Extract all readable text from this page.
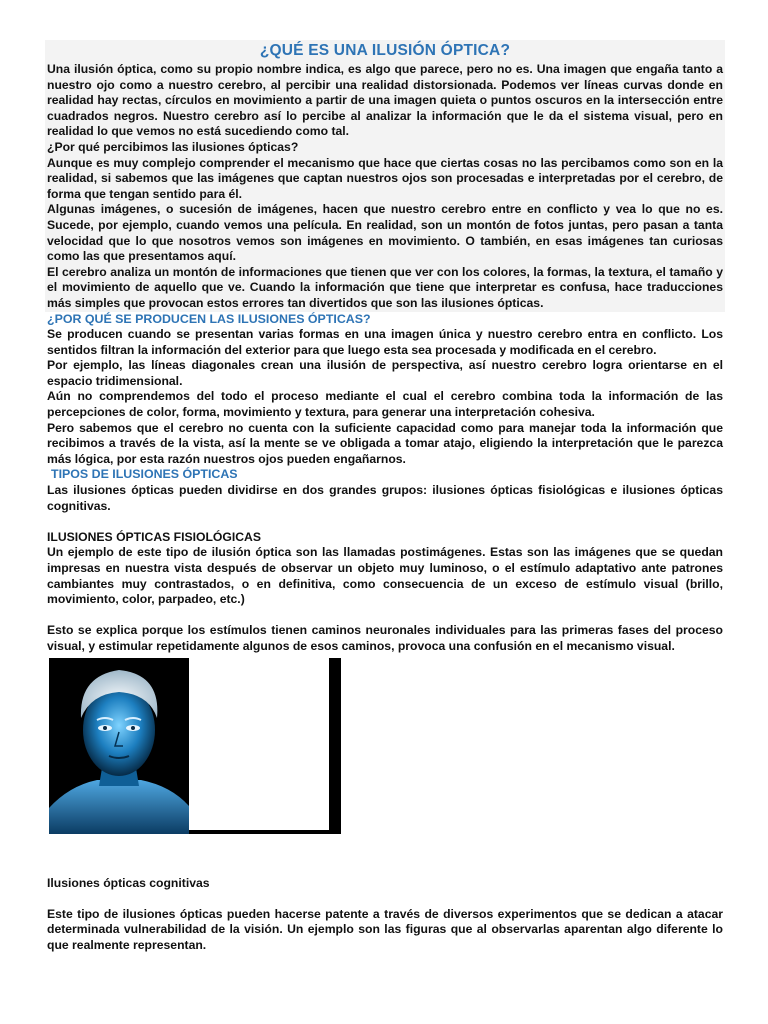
¿QUÉ ES UNA ILUSIÓN ÓPTICA?

Una ilusión óptica, como su propio nombre indica, es algo que parece, pero no es. Una imagen que engaña tanto a nuestro ojo como a nuestro cerebro, al percibir una realidad distorsionada. Podemos ver líneas curvas donde en realidad hay rectas, círculos en movimiento a partir de una imagen quieta o puntos oscuros en la intersección entre cuadrados negros. Nuestro cerebro así lo percibe al analizar la información que le da el sistema visual, pero en realidad lo que vemos no está sucediendo como tal.

¿Por qué percibimos las ilusiones ópticas?

Aunque es muy complejo comprender el mecanismo que hace que ciertas cosas no las percibamos como son en la realidad, si sabemos que las imágenes que captan nuestros ojos son procesadas e interpretadas por el cerebro, de forma que tengan sentido para él.

Algunas imágenes, o sucesión de imágenes, hacen que nuestro cerebro entre en conflicto y vea lo que no es. Sucede, por ejemplo, cuando vemos una película. En realidad, son un montón de fotos juntas, pero pasan a tanta velocidad que lo que nosotros vemos son imágenes en movimiento. O también, en esas imágenes tan curiosas como las que presentamos aquí.

El cerebro analiza un montón de informaciones que tienen que ver con los colores, la formas, la textura, el tamaño y el movimiento de aquello que ve. Cuando la información que tiene que interpretar es confusa, hace traducciones más simples que provocan estos errores tan divertidos que son las ilusiones ópticas.

¿POR QUÉ SE PRODUCEN LAS ILUSIONES ÓPTICAS?

Se producen cuando se presentan varias formas en una imagen única y nuestro cerebro entra en conflicto. Los sentidos filtran la información del exterior para que luego esta sea procesada y modificada en el cerebro.

Por ejemplo, las líneas diagonales crean una ilusión de perspectiva, así nuestro cerebro logra orientarse en el espacio tridimensional.

Aún no comprendemos del todo el proceso mediante el cual el cerebro combina toda la información de las percepciones de color, forma, movimiento y textura, para generar una interpretación cohesiva.

Pero sabemos que el cerebro no cuenta con la suficiente capacidad como para manejar toda la información que recibimos a través de la vista, así la mente se ve obligada a tomar atajo, eligiendo la interpretación que le parezca más lógica, por esta razón nuestros ojos pueden engañarnos.

TIPOS DE ILUSIONES ÓPTICAS

Las ilusiones ópticas pueden dividirse en dos grandes grupos: ilusiones ópticas fisiológicas e ilusiones ópticas cognitivas.

ILUSIONES ÓPTICAS FISIOLÓGICAS

Un ejemplo de este tipo de ilusión óptica son las llamadas postimágenes. Estas son las imágenes que se quedan impresas en nuestra vista después de observar un objeto muy luminoso, o el estímulo adaptativo ante patrones cambiantes muy contrastados, o en definitiva, como consecuencia de un exceso de estímulo visual (brillo, movimiento, color, parpadeo, etc.)

Esto se explica porque los estímulos tienen caminos neuronales individuales para las primeras fases del proceso visual, y estimular repetidamente algunos de esos caminos, provoca una confusión en el mecanismo visual.

Ilusiones ópticas cognitivas

Este tipo de ilusiones ópticas pueden hacerse patente a través de diversos experimentos que se dedican a atacar determinada vulnerabilidad de la visión. Un ejemplo son las figuras que al observarlas aparentan algo diferente lo que realmente representan.
